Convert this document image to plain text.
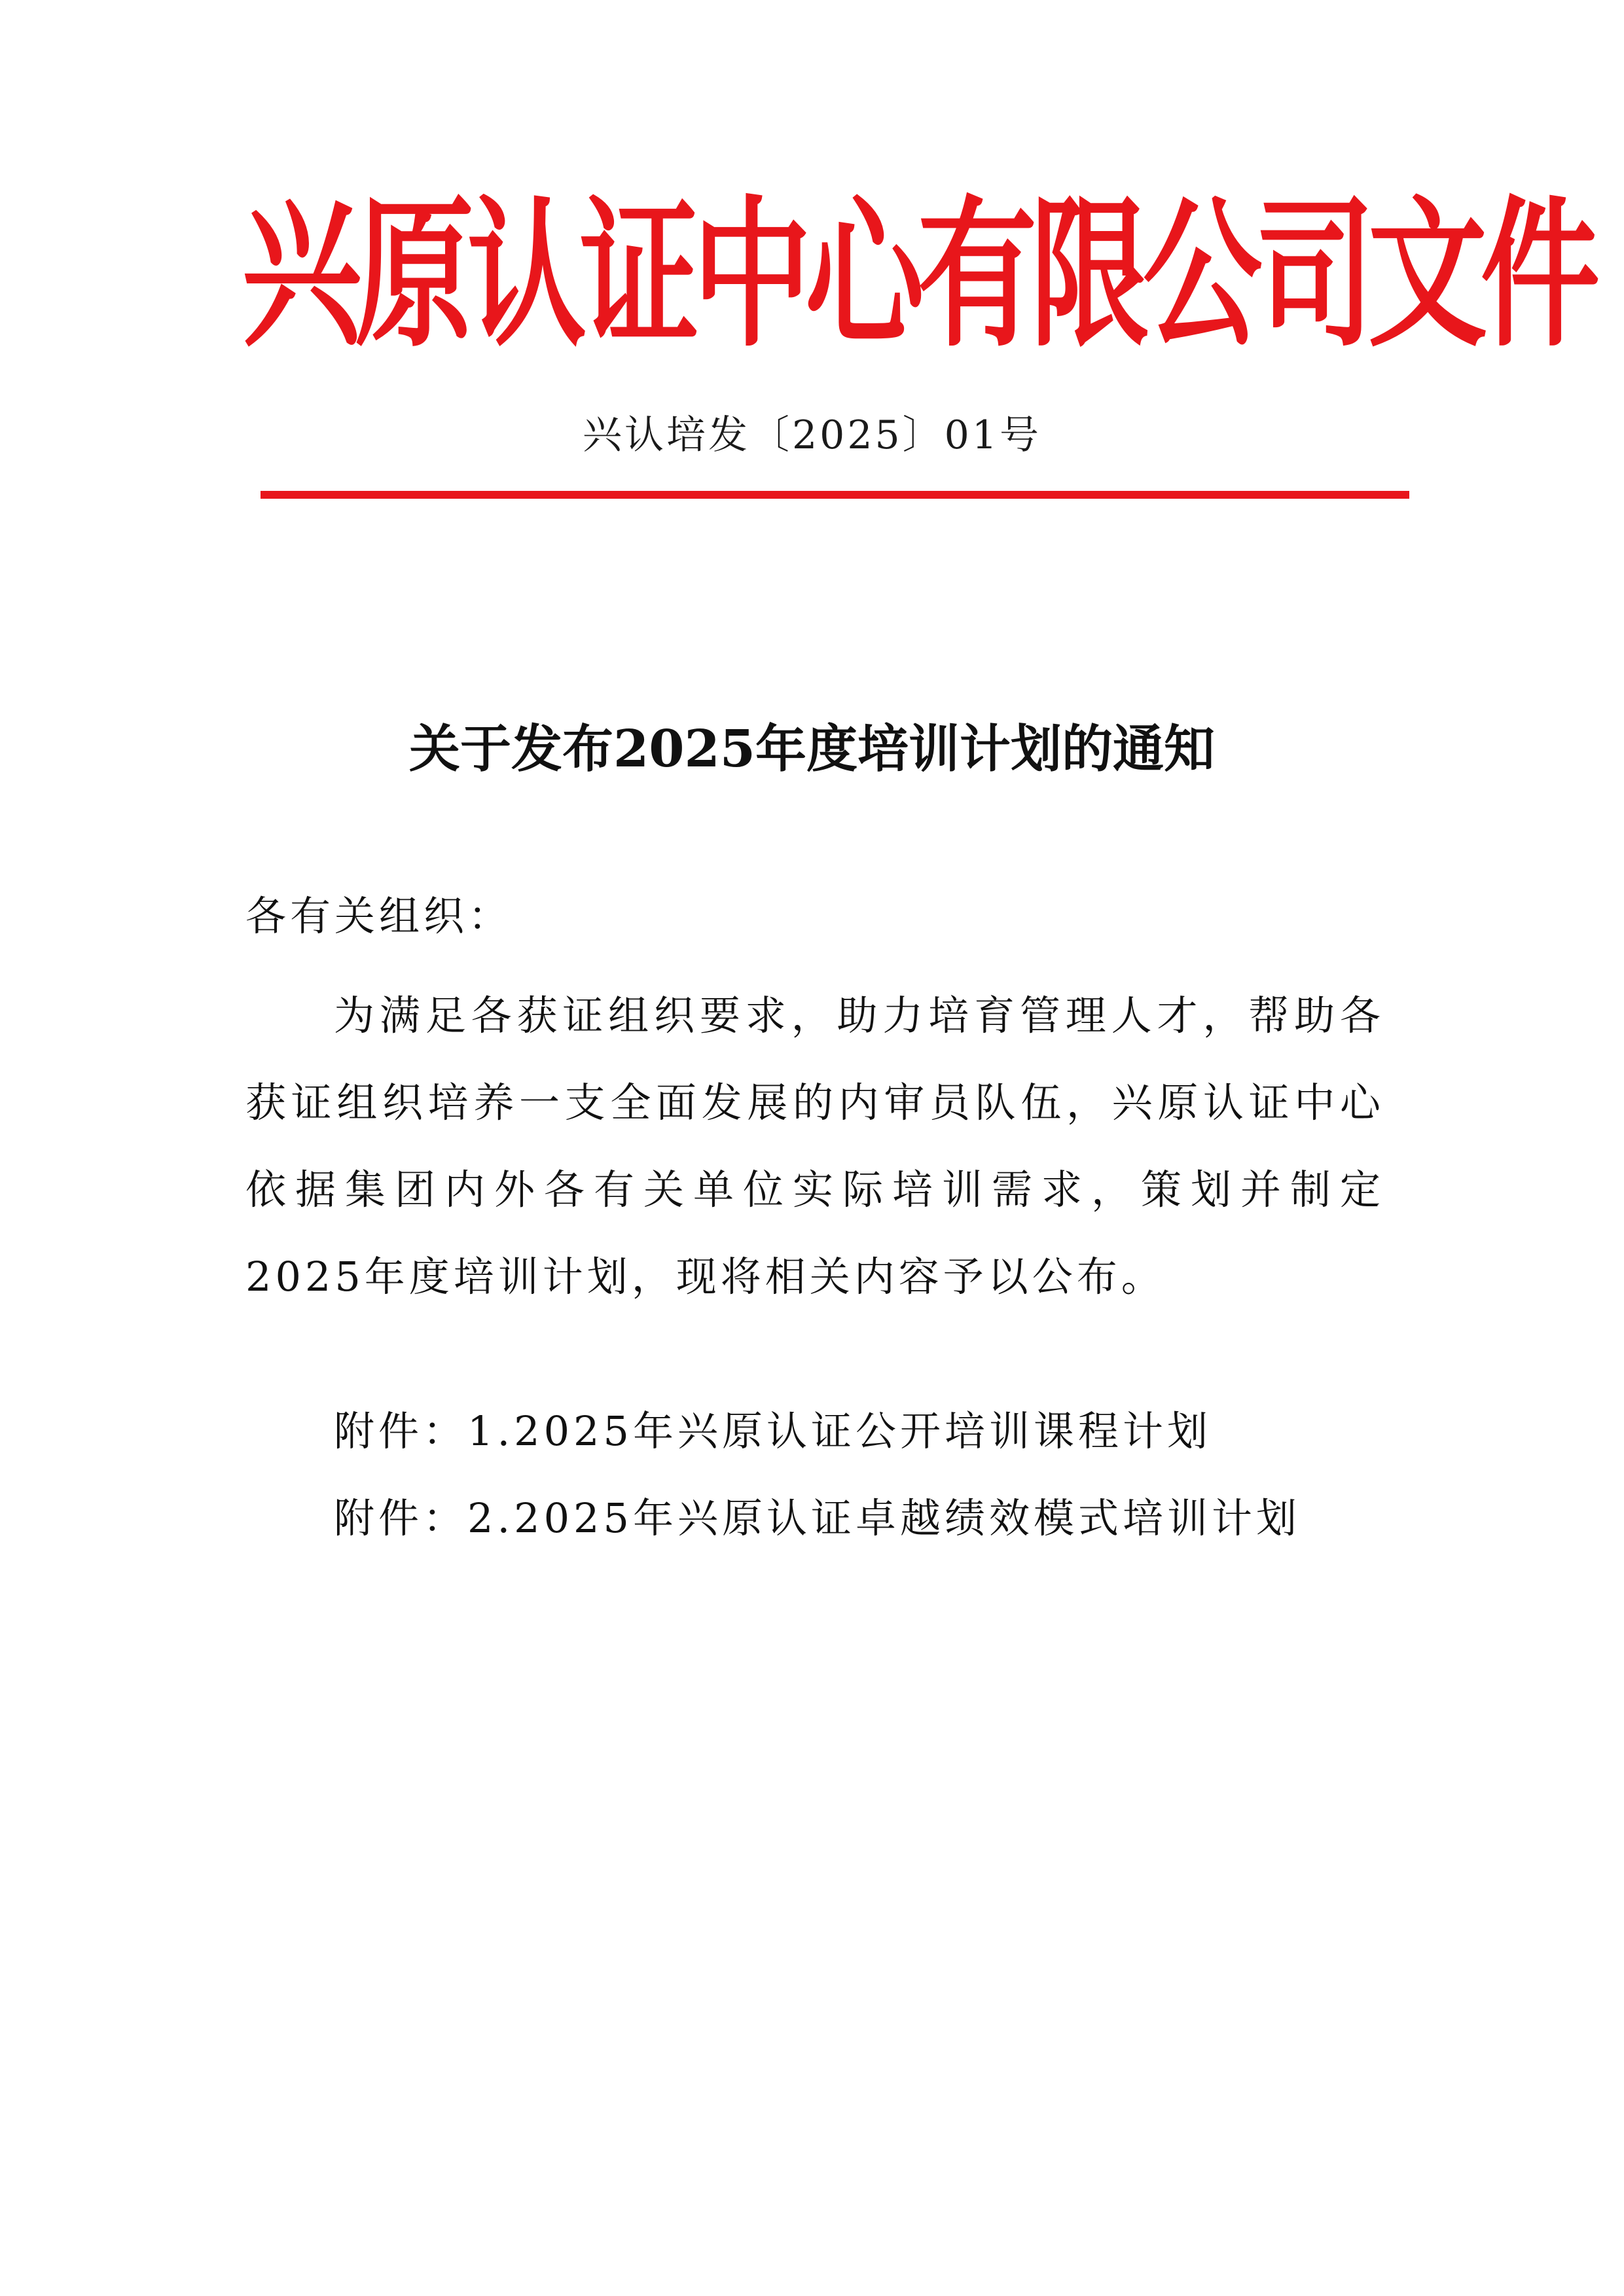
兴原认证中心有限公司文件
兴认培发〔2025〕01号
关于发布2025年度培训计划的通知
各有关组织：
为满足各获证组织要求，助力培育管理人才，帮助各获证组织培养一支全面发展的内审员队伍，兴原认证中心依据集团内外各有关单位实际培训需求，策划并制定2025年度培训计划，现将相关内容予以公布。
附件：1.2025年兴原认证公开培训课程计划
附件：2.2025年兴原认证卓越绩效模式培训计划
